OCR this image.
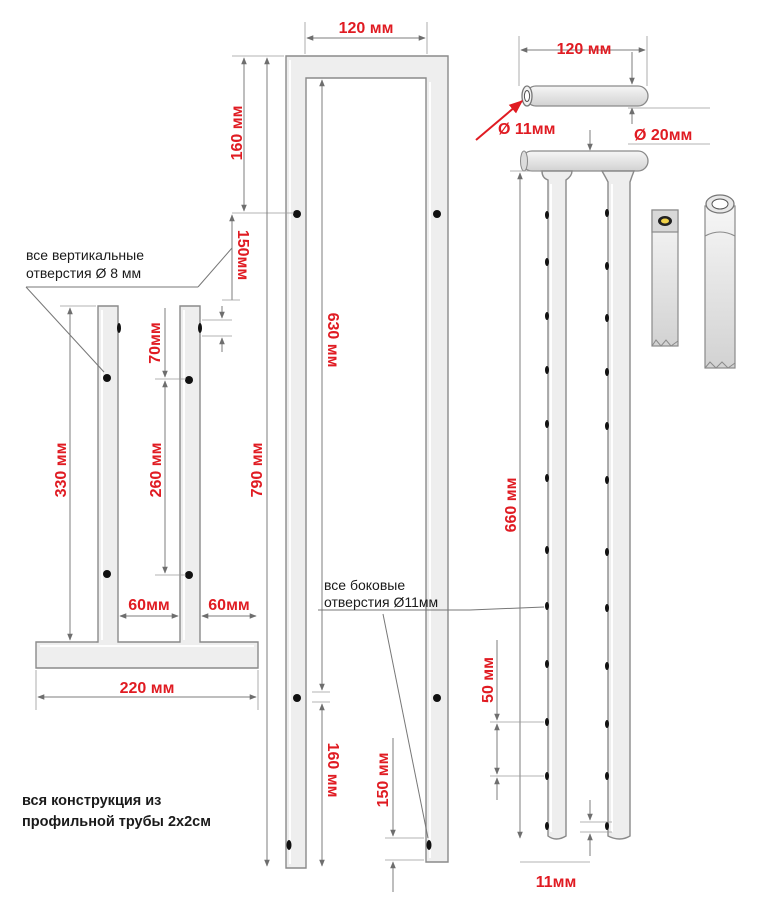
120 мм
160 мм
150мм
630 мм
790 мм
160 мм 150 мм
все вертикальные
отверстия Ø 8 мм
330 мм
70мм
260 мм
60мм 60мм
220 мм
вся конструкция из
профильной трубы 2х2см
все боковые
отверстия Ø11мм
120 мм
Ø 11мм	Ø 20мм
660 мм
50 мм
11мм
